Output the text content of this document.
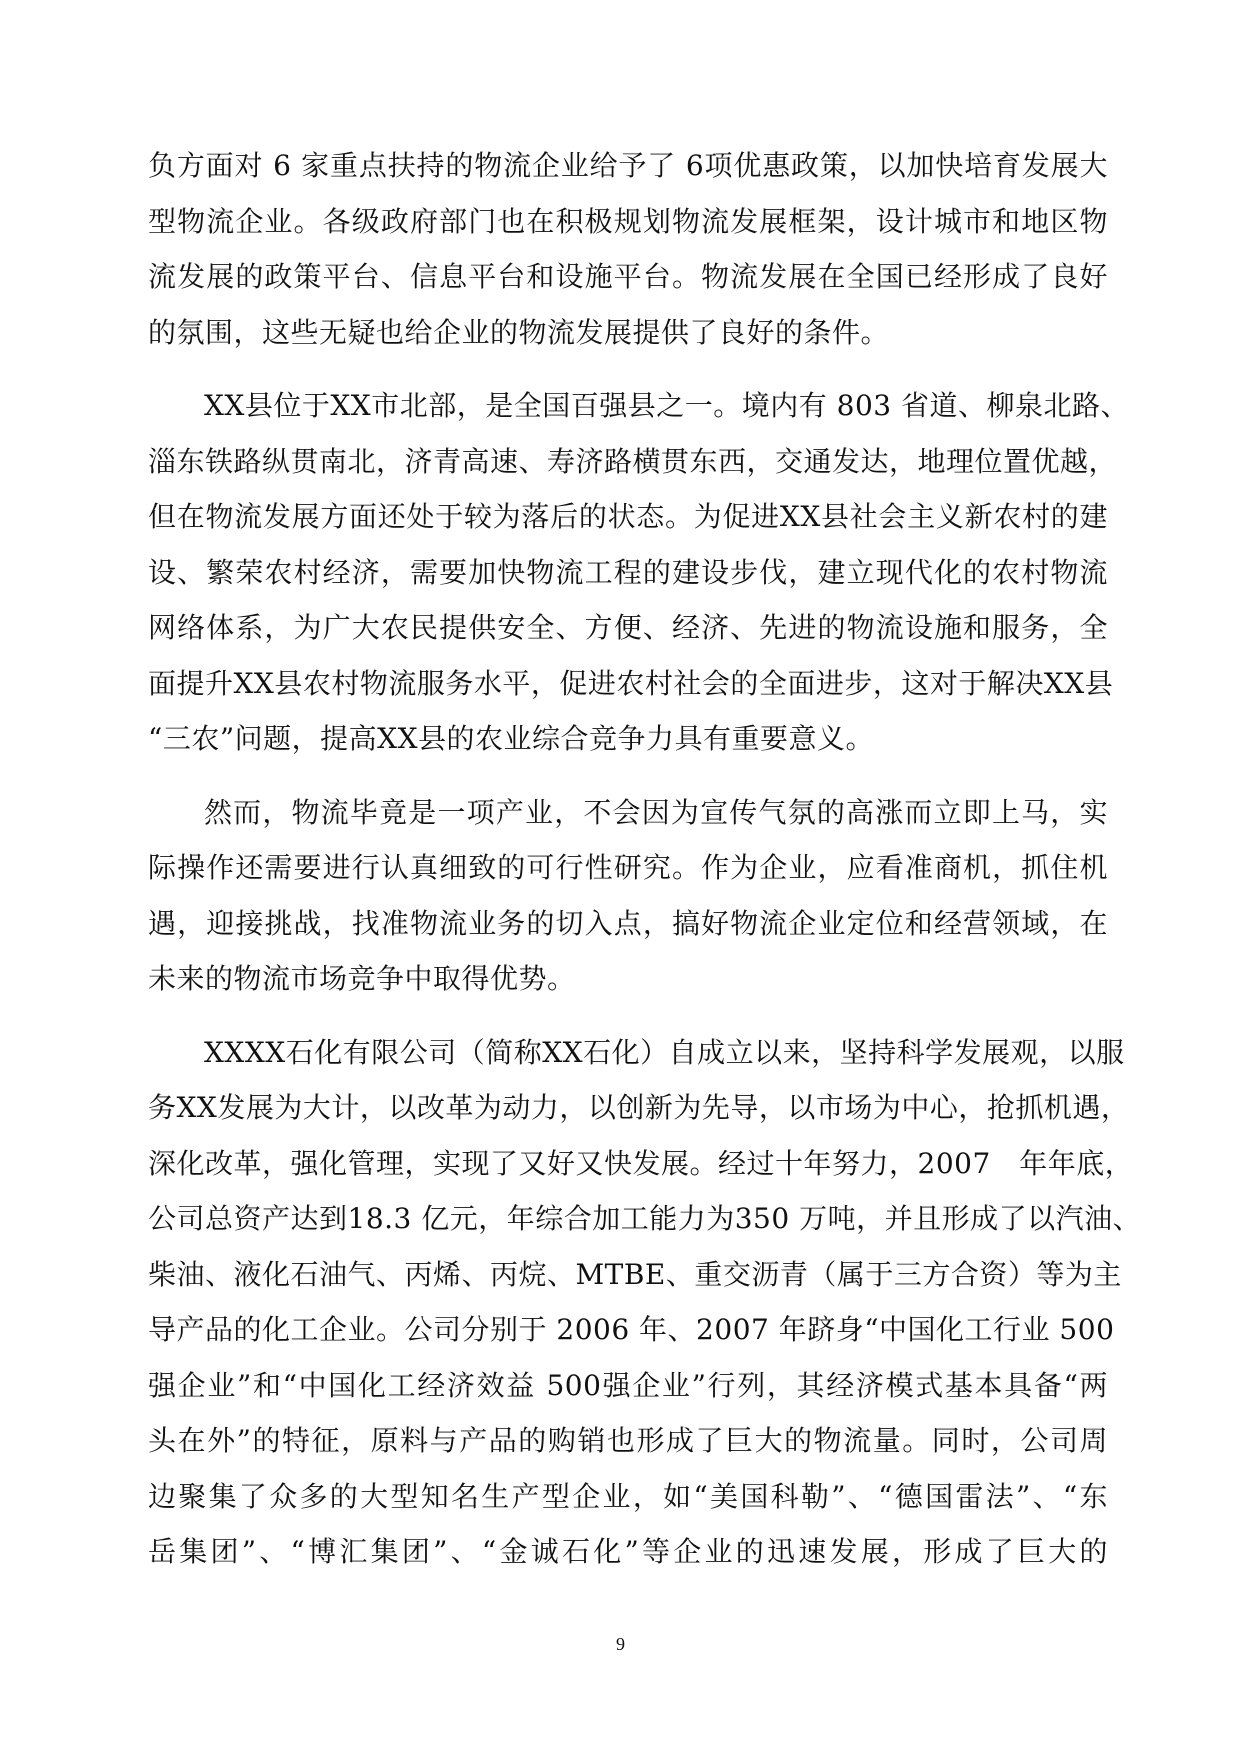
负方面对 6 家重点扶持的物流企业给予了 6项优惠政策，以加快培育发展大
型物流企业。各级政府部门也在积极规划物流发展框架，设计城市和地区物
流发展的政策平台、信息平台和设施平台。物流发展在全国已经形成了良好
的氛围，这些无疑也给企业的物流发展提供了良好的条件。
XX县位于XX市北部，是全国百强县之一。境内有 803 省道、柳泉北路、
淄东铁路纵贯南北，济青高速、寿济路横贯东西，交通发达，地理位置优越，
但在物流发展方面还处于较为落后的状态。为促进XX县社会主义新农村的建
设、繁荣农村经济，需要加快物流工程的建设步伐，建立现代化的农村物流
网络体系，为广大农民提供安全、方便、经济、先进的物流设施和服务，全
面提升XX县农村物流服务水平，促进农村社会的全面进步，这对于解决XX县
“三农”问题，提高XX县的农业综合竞争力具有重要意义。
然而，物流毕竟是一项产业，不会因为宣传气氛的高涨而立即上马，实
际操作还需要进行认真细致的可行性研究。作为企业，应看准商机，抓住机
遇，迎接挑战，找准物流业务的切入点，搞好物流企业定位和经营领域，在
未来的物流市场竞争中取得优势。
XXXX石化有限公司（简称XX石化）自成立以来，坚持科学发展观，以服
务XX发展为大计，以改革为动力，以创新为先导，以市场为中心，抢抓机遇，
深化改革，强化管理，实现了又好又快发展。经过十年努力，2007　年年底，
公司总资产达到18.3 亿元，年综合加工能力为350 万吨，并且形成了以汽油、
柴油、液化石油气、丙烯、丙烷、MTBE、重交沥青（属于三方合资）等为主
导产品的化工企业。公司分别于 2006 年、2007 年跻身“中国化工行业 500
强企业”和“中国化工经济效益 500强企业”行列，其经济模式基本具备“两
头在外”的特征，原料与产品的购销也形成了巨大的物流量。同时，公司周
边聚集了众多的大型知名生产型企业，如“美国科勒”、“德国雷法”、“东
岳集团”、“博汇集团”、“金诚石化”等企业的迅速发展，形成了巨大的
9
